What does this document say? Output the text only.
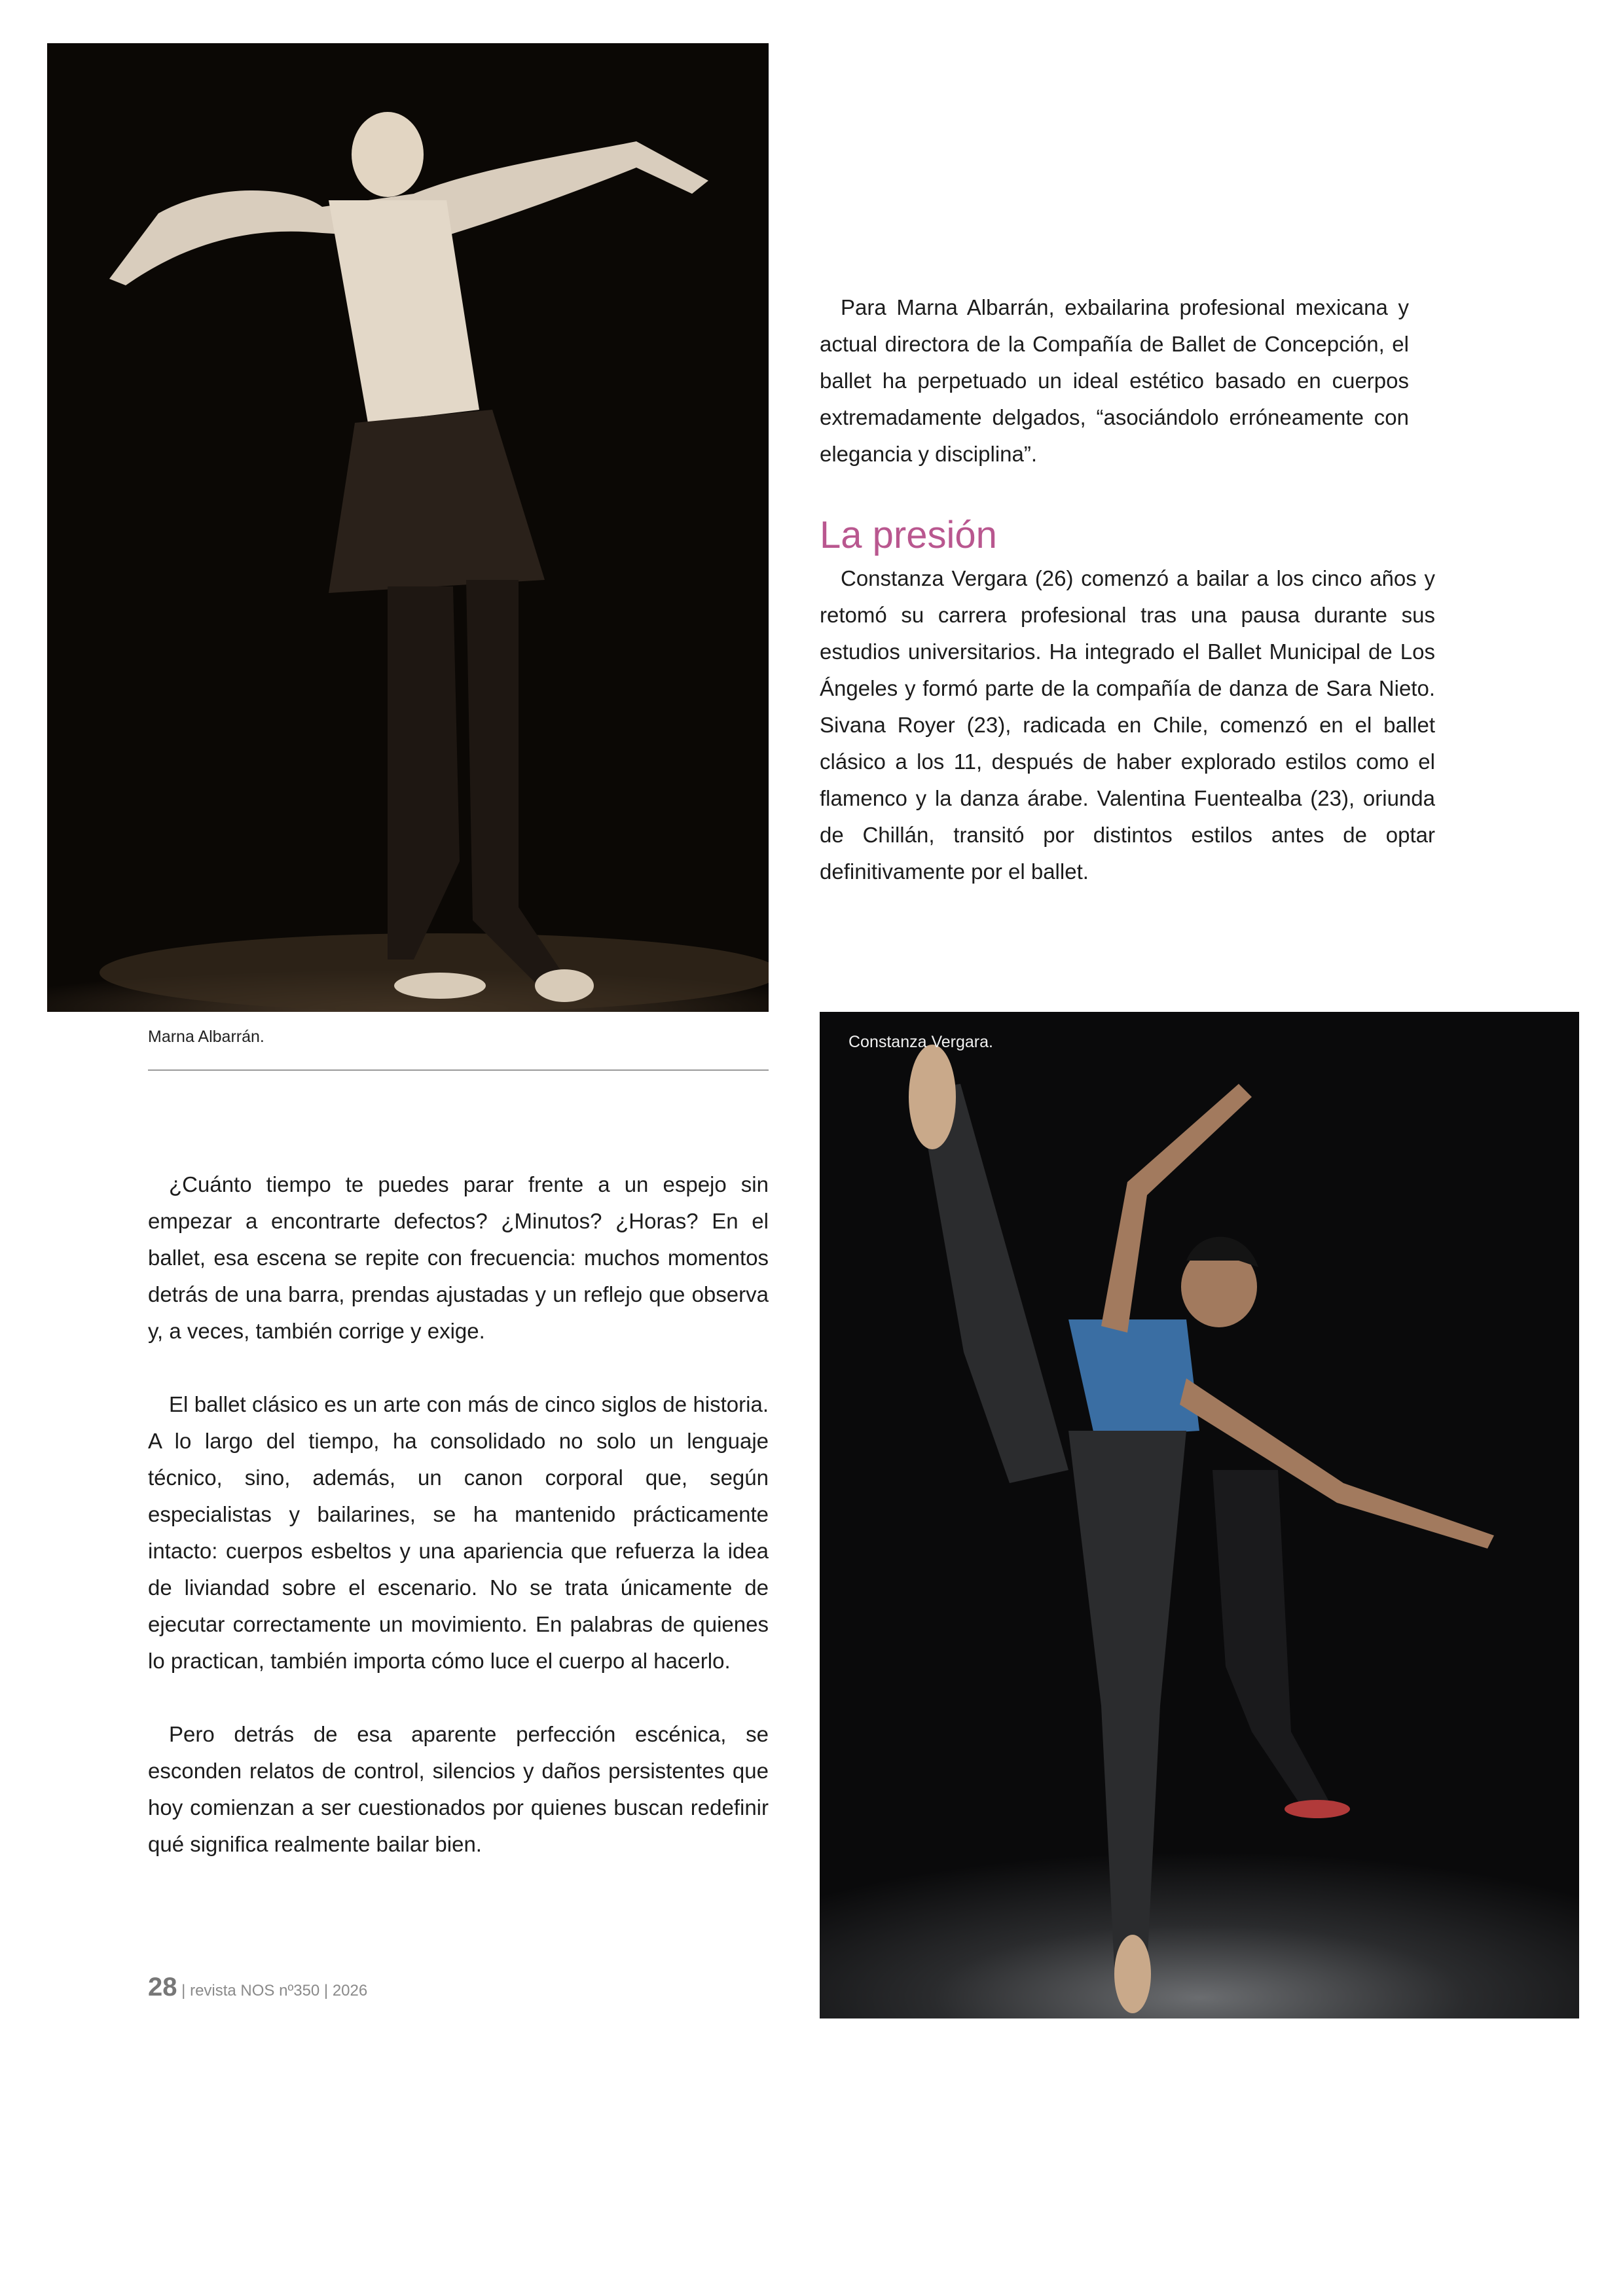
Marna Albarrán.

Para Marna Albarrán, exbailarina profesional mexicana y actual directora de la Compañía de Ballet de Concepción, el ballet ha perpetuado un ideal estético basado en cuerpos extremadamente delgados, “asociándolo erróneamente con elegancia y disciplina”.

La presión

Constanza Vergara (26) comenzó a bailar a los cinco años y retomó su carrera profesional tras una pausa durante sus estudios universitarios. Ha integrado el Ballet Municipal de Los Ángeles y formó parte de la compañía de danza de Sara Nieto. Sivana Royer (23), radicada en Chile, comenzó en el ballet clásico a los 11, después de haber explorado estilos como el flamenco y la danza árabe. Valentina Fuentealba (23), oriunda de Chillán, transitó por distintos estilos antes de optar definitivamente por el ballet.

Constanza Vergara.

¿Cuánto tiempo te puedes parar frente a un espejo sin empezar a encontrarte defectos? ¿Minutos? ¿Horas? En el ballet, esa escena se repite con frecuencia: muchos momentos detrás de una barra, prendas ajustadas y un reflejo que observa y, a veces, también corrige y exige.

El ballet clásico es un arte con más de cinco siglos de historia. A lo largo del tiempo, ha consolidado no solo un lenguaje técnico, sino, además, un canon corporal que, según especialistas y bailarines, se ha mantenido prácticamente intacto: cuerpos esbeltos y una apariencia que refuerza la idea de liviandad sobre el escenario. No se trata únicamente de ejecutar correctamente un movimiento. En palabras de quienes lo practican, también importa cómo luce el cuerpo al hacerlo.

Pero detrás de esa aparente perfección escénica, se esconden relatos de control, silencios y daños persistentes que hoy comienzan a ser cuestionados por quienes buscan redefinir qué significa realmente bailar bien.

28 | revista NOS nº350 | 2026
